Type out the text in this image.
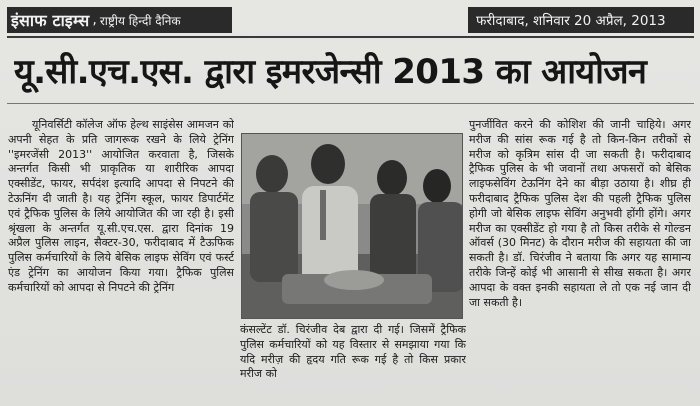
इंसाफ टाइम्स , राष्ट्रीय हिन्दी दैनिक	फरीदाबाद, शनिवार 20 अप्रैल, 2013
यू.सी.एच.एस. द्वारा इमरजेन्सी 2013 का आयोजन
यूनिवर्सिटी कॉलेज ऑफ हेल्थ साइंसेस आमजन को अपनी सेहत के प्रति जागरूक रखने के लिये ट्रेनिंग ''इमरजेंसी 2013'' आयोजित करवाता है, जिसके अन्तर्गत किसी भी प्राकृतिक या शारीरिक आपदा एक्सीडेंट, फायर, सर्पदंश इत्यादि आपदा से निपटने की टेऊनिंग दी जाती है। यह ट्रेनिंग स्कूल, फायर डिपार्टमेंट एवं ट्रैफिक पुलिस के लिये आयोजित की जा रही है। इसी श्रृंखला के अन्तर्गत यू.सी.एच.एस. द्वारा दिनांक 19 अप्रैल पुलिस लाइन, सैक्टर-30, फरीदाबाद में टैऊफिक पुलिस कर्मचारियों के लिये बेसिक लाइफ सेविंग एवं फर्स्ट एंड ट्रेनिंग का आयोजन किया गया। ट्रैफिक पुलिस कर्मचारियों को आपदा से निपटने की ट्रेनिंग
कंसल्टेंट डॉ. चिरंजीव देब द्वारा दी गई। जिसमें ट्रैफिक पुलिस कर्मचारियों को यह विस्तार से समझाया गया कि यदि मरीज़ की हृदय गति रूक गई है तो किस प्रकार मरीज को
पुनर्जीवित करने की कोशिश की जानी चाहिये। अगर मरीज की सांस रूक गई है तो किन-किन तरीकों से मरीज को कृत्रिम सांस दी जा सकती है। फरीदाबाद ट्रैफिक पुलिस के भी जवानों तथा अफसरों को बेसिक लाइफसेविंग टेऊनिंग देने का बीड़ा उठाया है। शीघ्र ही फरीदाबाद ट्रैफिक पुलिस देश की पहली ट्रैफिक पुलिस होगी जो बेसिक लाइफ सेविंग अनुभवी होंगी होंगे। अगर मरीज का एक्सीडेंट हो गया है तो किस तरीके से गोल्डन ऑवर्स (30 मिनट) के दौरान मरीज की सहायता की जा सकती है। डॉ. चिरंजीव ने बताया कि अगर यह सामान्य तरीके जिन्हें कोई भी आसानी से सीख सकता है। अगर आपदा के वक्त इनकी सहायता ले तो एक नई जान दी जा सकती है।
